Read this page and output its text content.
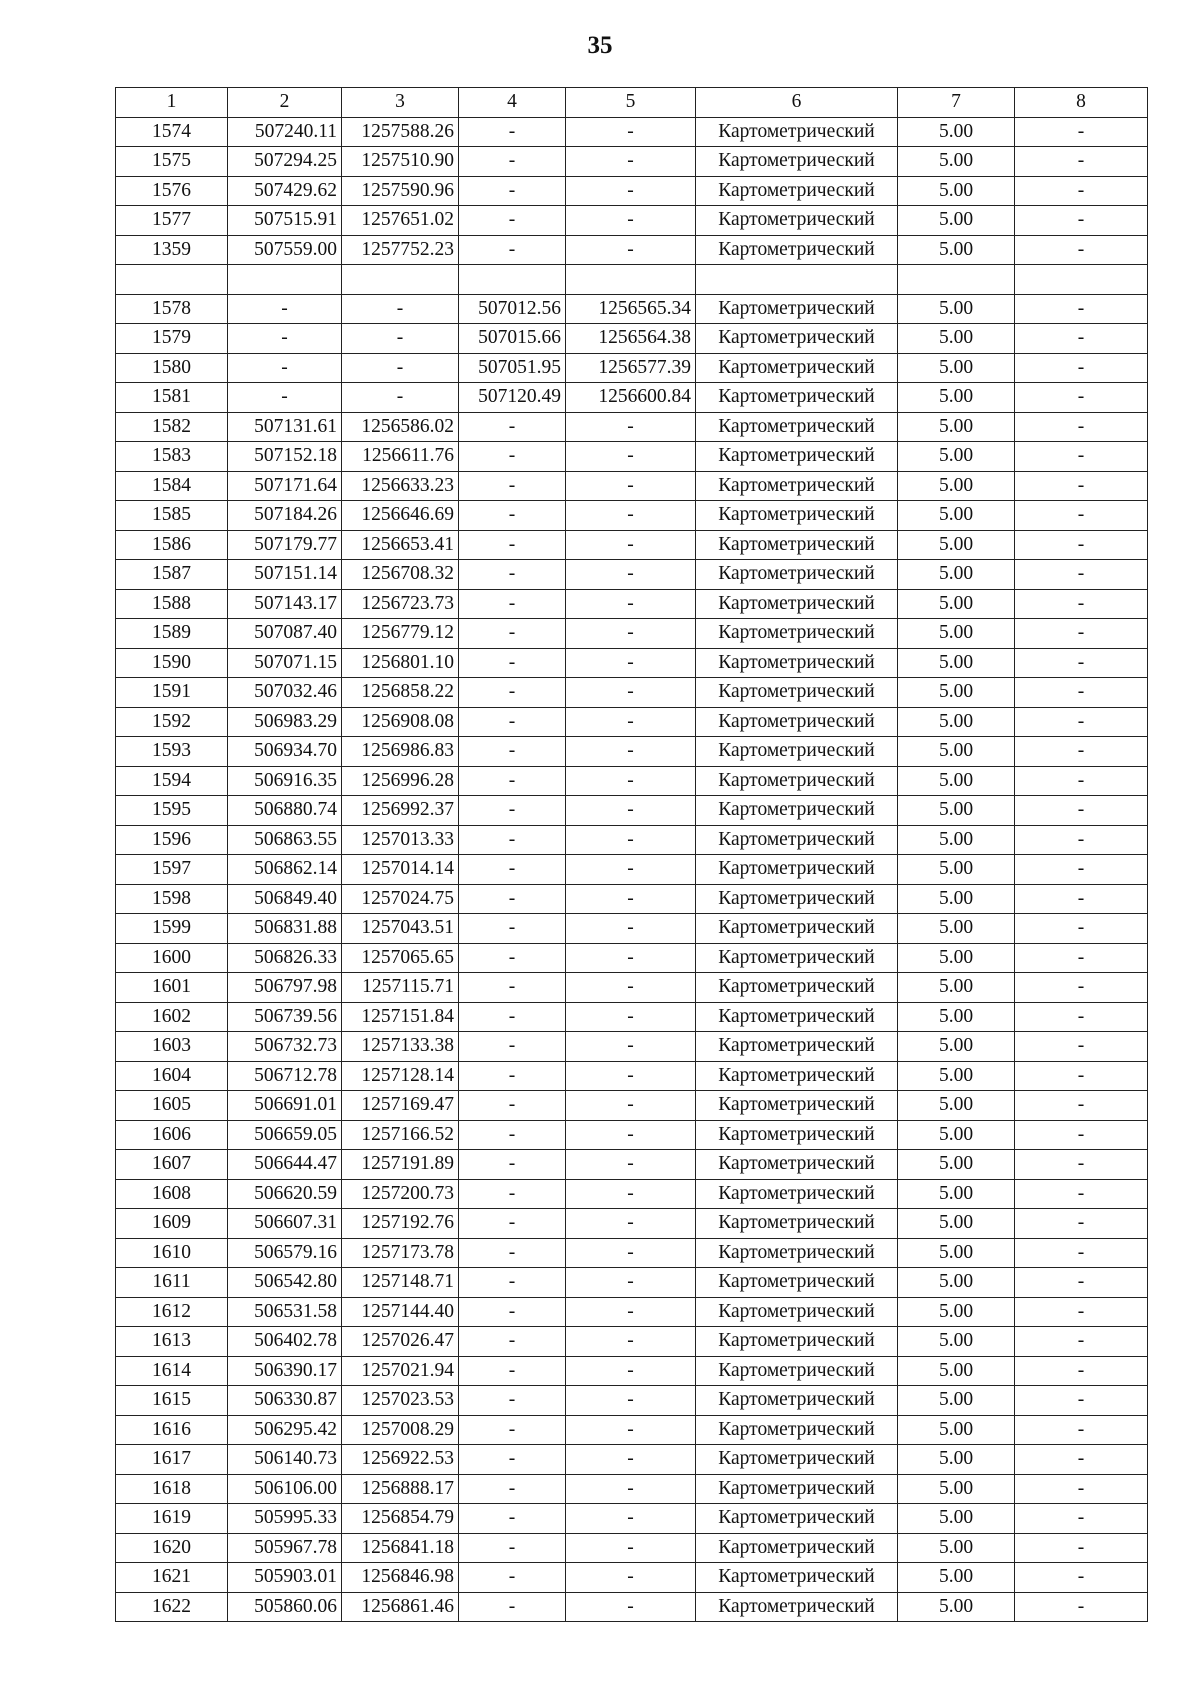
35
1	2	3	4	5	6	7	8
1574	507240.11	1257588.26	-	-	Картометрический	5.00	-
1575	507294.25	1257510.90	-	-	Картометрический	5.00	-
1576	507429.62	1257590.96	-	-	Картометрический	5.00	-
1577	507515.91	1257651.02	-	-	Картометрический	5.00	-
1359	507559.00	1257752.23	-	-	Картометрический	5.00	-

1578	-	-	507012.56	1256565.34	Картометрический	5.00	-
1579	-	-	507015.66	1256564.38	Картометрический	5.00	-
1580	-	-	507051.95	1256577.39	Картометрический	5.00	-
1581	-	-	507120.49	1256600.84	Картометрический	5.00	-
1582	507131.61	1256586.02	-	-	Картометрический	5.00	-
1583	507152.18	1256611.76	-	-	Картометрический	5.00	-
1584	507171.64	1256633.23	-	-	Картометрический	5.00	-
1585	507184.26	1256646.69	-	-	Картометрический	5.00	-
1586	507179.77	1256653.41	-	-	Картометрический	5.00	-
1587	507151.14	1256708.32	-	-	Картометрический	5.00	-
1588	507143.17	1256723.73	-	-	Картометрический	5.00	-
1589	507087.40	1256779.12	-	-	Картометрический	5.00	-
1590	507071.15	1256801.10	-	-	Картометрический	5.00	-
1591	507032.46	1256858.22	-	-	Картометрический	5.00	-
1592	506983.29	1256908.08	-	-	Картометрический	5.00	-
1593	506934.70	1256986.83	-	-	Картометрический	5.00	-
1594	506916.35	1256996.28	-	-	Картометрический	5.00	-
1595	506880.74	1256992.37	-	-	Картометрический	5.00	-
1596	506863.55	1257013.33	-	-	Картометрический	5.00	-
1597	506862.14	1257014.14	-	-	Картометрический	5.00	-
1598	506849.40	1257024.75	-	-	Картометрический	5.00	-
1599	506831.88	1257043.51	-	-	Картометрический	5.00	-
1600	506826.33	1257065.65	-	-	Картометрический	5.00	-
1601	506797.98	1257115.71	-	-	Картометрический	5.00	-
1602	506739.56	1257151.84	-	-	Картометрический	5.00	-
1603	506732.73	1257133.38	-	-	Картометрический	5.00	-
1604	506712.78	1257128.14	-	-	Картометрический	5.00	-
1605	506691.01	1257169.47	-	-	Картометрический	5.00	-
1606	506659.05	1257166.52	-	-	Картометрический	5.00	-
1607	506644.47	1257191.89	-	-	Картометрический	5.00	-
1608	506620.59	1257200.73	-	-	Картометрический	5.00	-
1609	506607.31	1257192.76	-	-	Картометрический	5.00	-
1610	506579.16	1257173.78	-	-	Картометрический	5.00	-
1611	506542.80	1257148.71	-	-	Картометрический	5.00	-
1612	506531.58	1257144.40	-	-	Картометрический	5.00	-
1613	506402.78	1257026.47	-	-	Картометрический	5.00	-
1614	506390.17	1257021.94	-	-	Картометрический	5.00	-
1615	506330.87	1257023.53	-	-	Картометрический	5.00	-
1616	506295.42	1257008.29	-	-	Картометрический	5.00	-
1617	506140.73	1256922.53	-	-	Картометрический	5.00	-
1618	506106.00	1256888.17	-	-	Картометрический	5.00	-
1619	505995.33	1256854.79	-	-	Картометрический	5.00	-
1620	505967.78	1256841.18	-	-	Картометрический	5.00	-
1621	505903.01	1256846.98	-	-	Картометрический	5.00	-
1622	505860.06	1256861.46	-	-	Картометрический	5.00	-
